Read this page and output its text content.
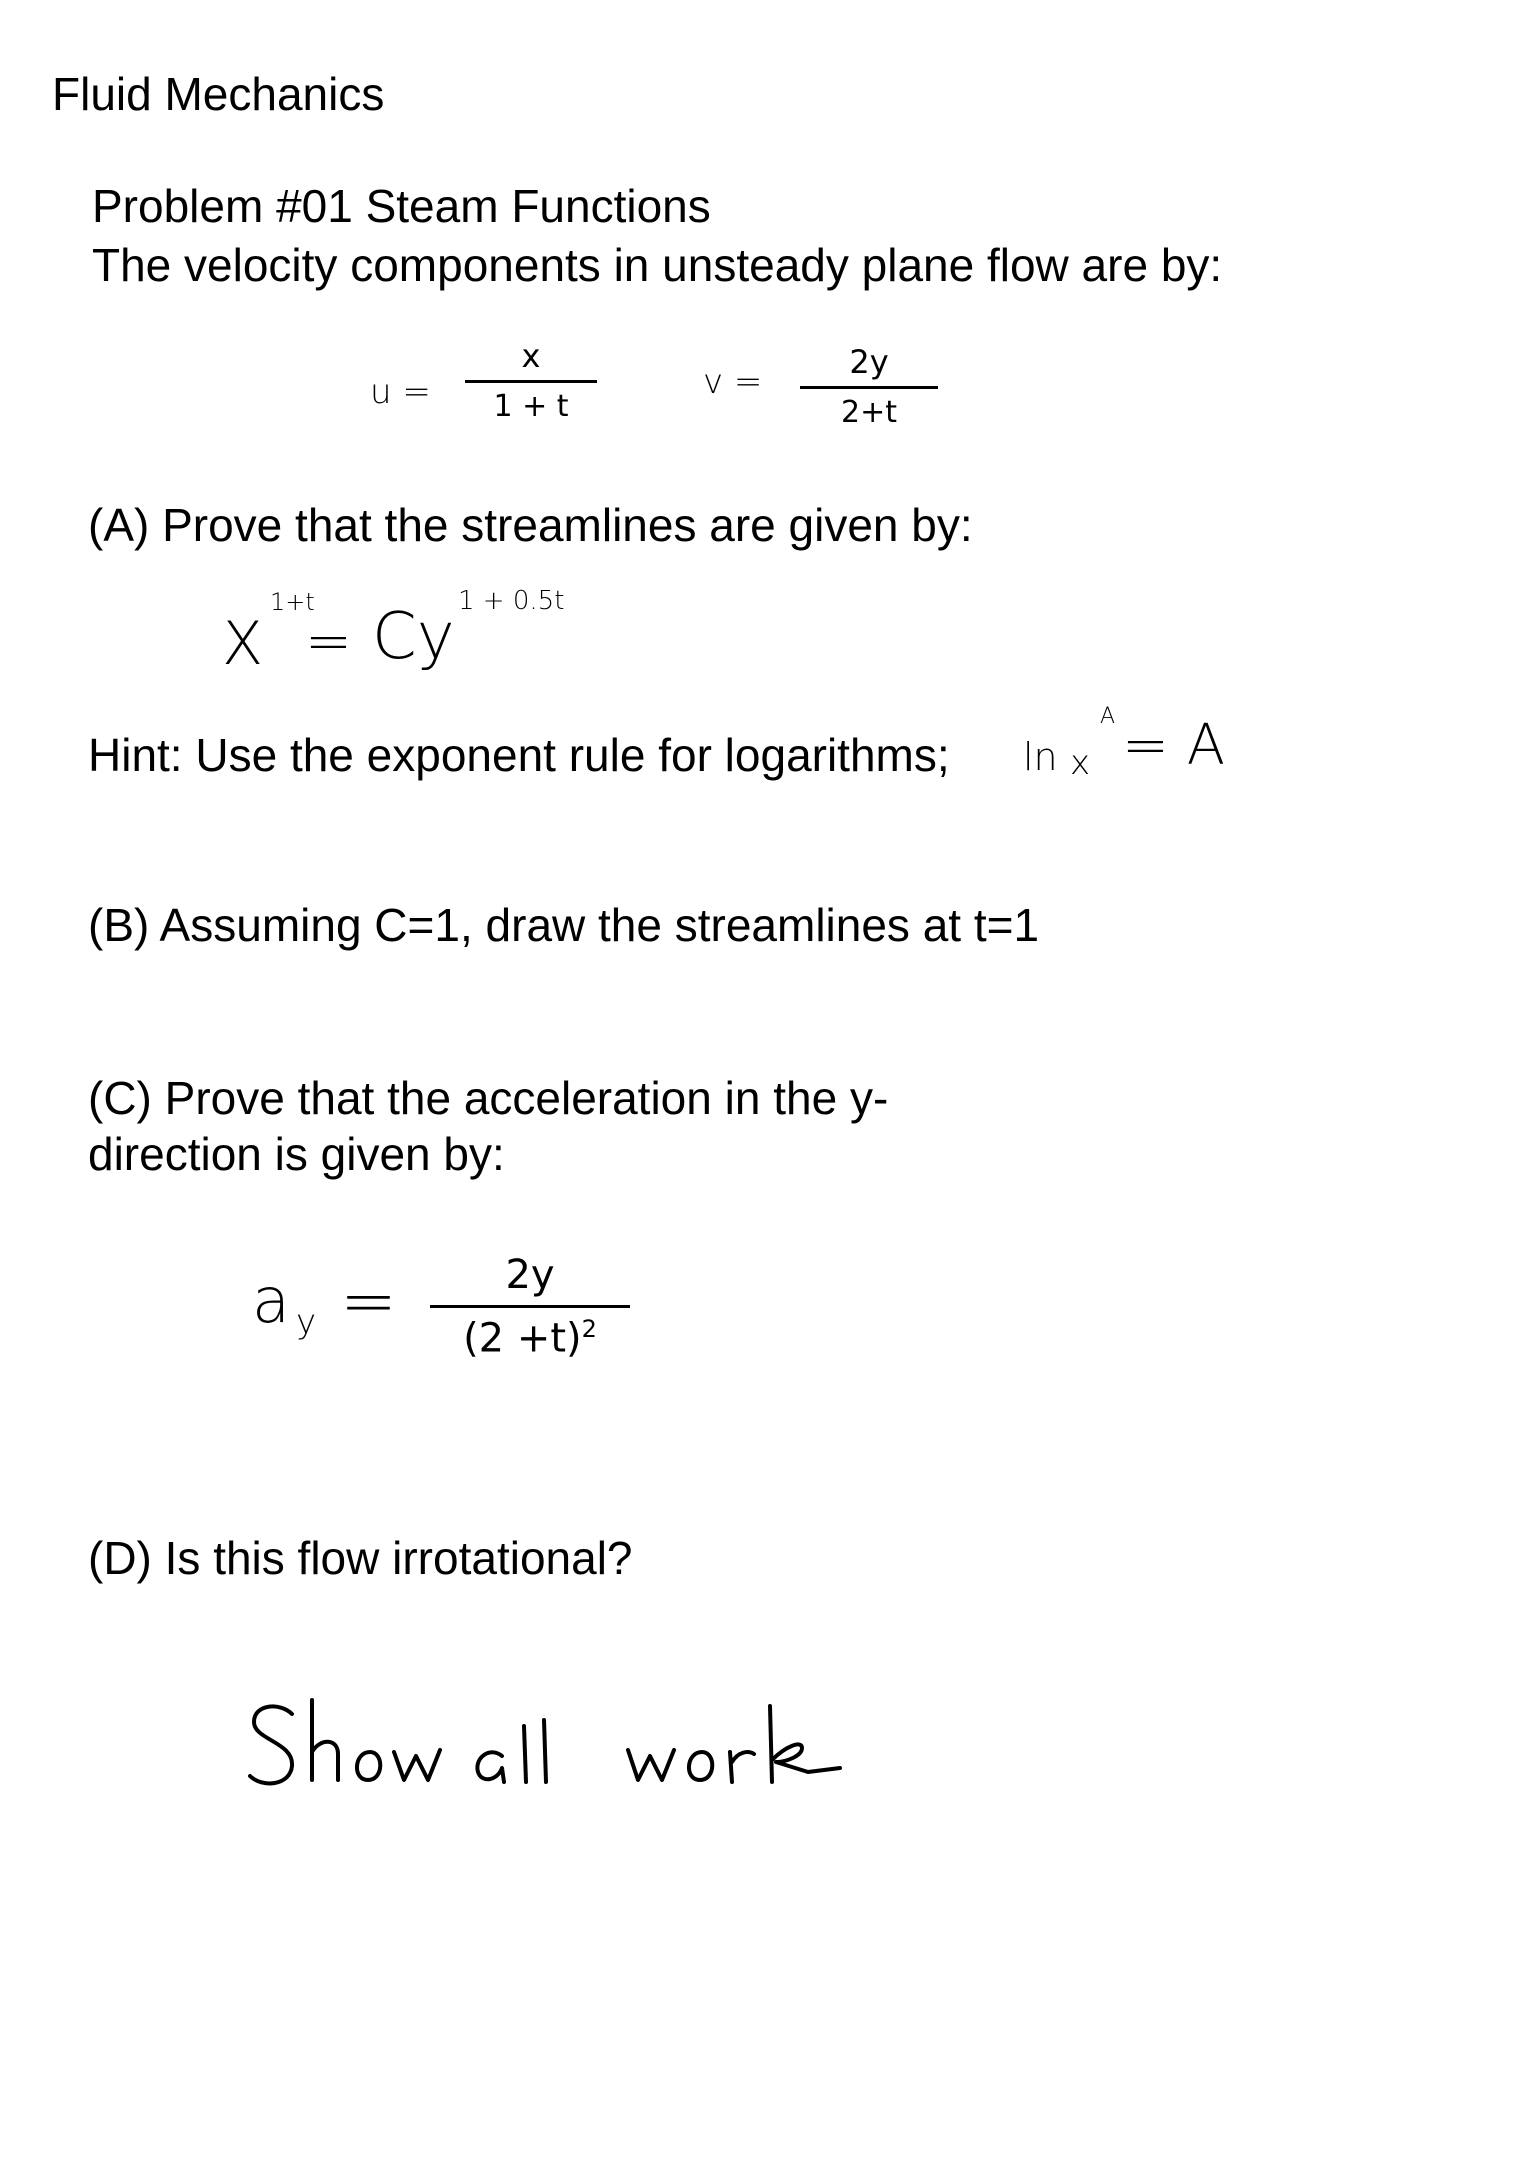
Fluid Mechanics
Problem #01 Steam Functions
The velocity components in unsteady plane flow are by:
u =
x
1 + t
v =	2y
2+t
(A) Prove that the streamlines are given by:
X
1+t
= Cy 1 + 0.5t
Hint: Use the exponent rule for logarithms; ln x
A = A
(B) Assuming C=1, draw the streamlines at t=1
(C) Prove that the acceleration in the y-
direction is given by:
a y =	2y
$(2 +t)^2$
(D) Is this flow irrotational?
